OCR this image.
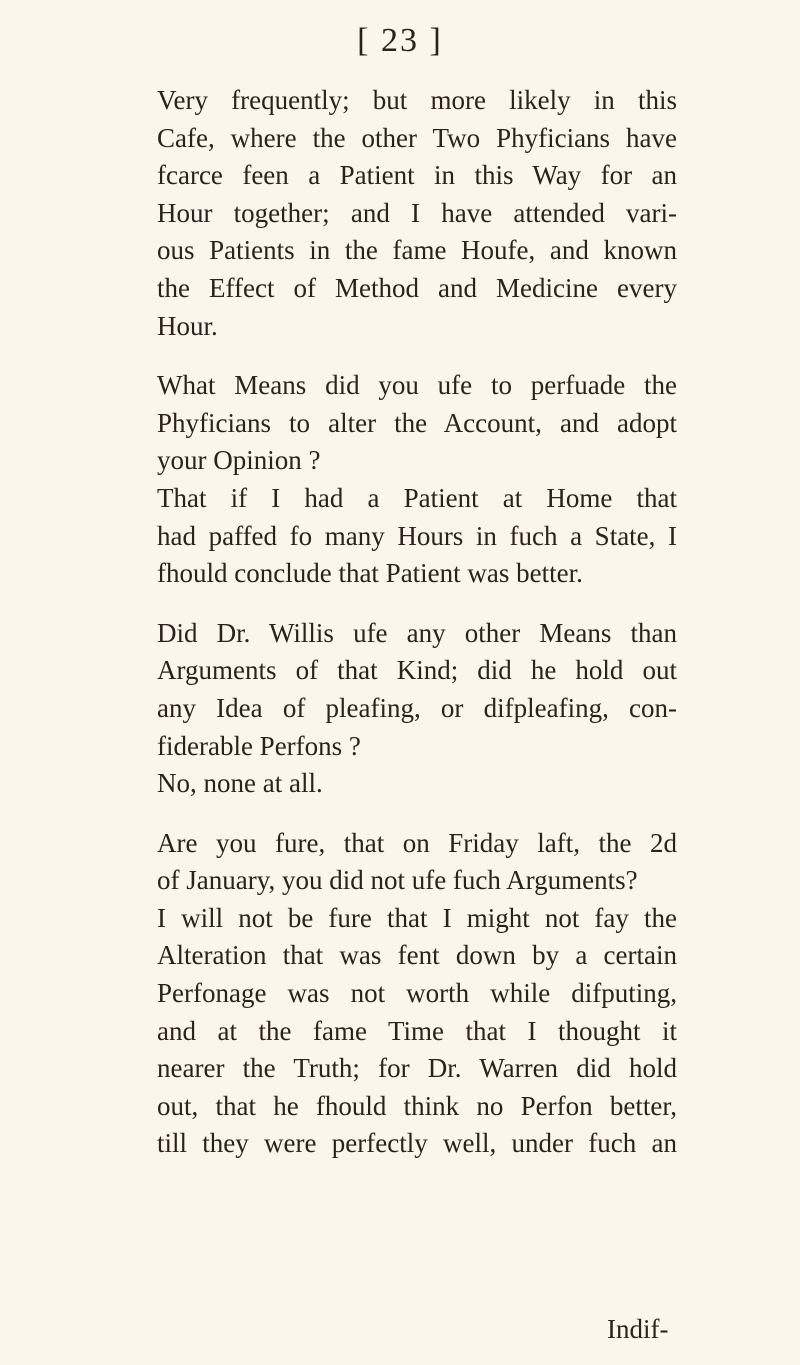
[ 23 ]

Very frequently; but more likely in this
Cafe, where the other Two Phyficians have
fcarce feen a Patient in this Way for an
Hour together; and I have attended vari-
ous Patients in the fame Houfe, and known
the Effect of Method and Medicine every
Hour.

What Means did you ufe to perfuade the
Phyficians to alter the Account, and adopt
your Opinion ?

That if I had a Patient at Home that
had paffed fo many Hours in fuch a State, I
fhould conclude that Patient was better.

Did Dr. Willis ufe any other Means than
Arguments of that Kind; did he hold out
any Idea of pleafing, or difpleafing, con-
fiderable Perfons ?

No, none at all.

Are you fure, that on Friday laft, the 2d
of January, you did not ufe fuch Arguments?

I will not be fure that I might not fay the
Alteration that was fent down by a certain
Perfonage was not worth while difputing,
and at the fame Time that I thought it
nearer the Truth; for Dr. Warren did hold
out, that he fhould think no Perfon better,
till they were perfectly well, under fuch an

Indif-
